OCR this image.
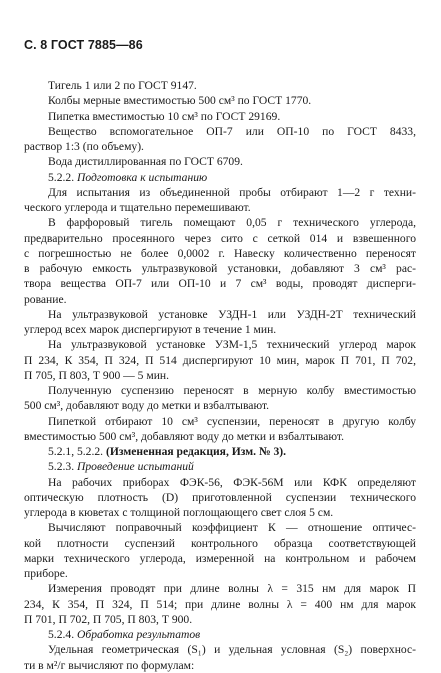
С. 8 ГОСТ 7885—86
Тигель 1 или 2 по ГОСТ 9147.
Колбы мерные вместимостью 500 см³ по ГОСТ 1770.
Пипетка вместимостью 10 см³ по ГОСТ 29169.
Вещество вспомогательное ОП-7 или ОП-10 по ГОСТ 8433,
раствор 1:3 (по объему).
Вода дистиллированная по ГОСТ 6709.
5.2.2. Подготовка к испытанию
Для испытания из объединенной пробы отбирают 1—2 г техни-
ческого углерода и тщательно перемешивают.
В фарфоровый тигель помещают 0,05 г технического углерода,
предварительно просеянного через сито с сеткой 014 и взвешенного
с погрешностью не более 0,0002 г. Навеску количественно переносят
в рабочую емкость ультразвуковой установки, добавляют 3 см³ рас-
твора вещества ОП-7 или ОП-10 и 7 см³ воды, проводят дисперги-
рование.
На ультразвуковой установке УЗДН-1 или УЗДН-2Т технический
углерод всех марок диспергируют в течение 1 мин.
На ультразвуковой установке УЗМ-1,5 технический углерод марок
П 234, К 354, П 324, П 514 диспергируют 10 мин, марок П 701, П 702,
П 705, П 803, Т 900 — 5 мин.
Полученную суспензию переносят в мерную колбу вместимостью
500 см³, добавляют воду до метки и взбалтывают.
Пипеткой отбирают 10 см³ суспензии, переносят в другую колбу
вместимостью 500 см³, добавляют воду до метки и взбалтывают.
5.2.1, 5.2.2. (Измененная редакция, Изм. № 3).
5.2.3. Проведение испытаний
На рабочих приборах ФЭК-56, ФЭК-56М или КФК определяют
оптическую плотность (D) приготовленной суспензии технического
углерода в кюветах с толщиной поглощающего свет слоя 5 см.
Вычисляют поправочный коэффициент К — отношение оптичес-
кой плотности суспензий контрольного образца соответствующей
марки технического углерода, измеренной на контрольном и рабочем
приборе.
Измерения проводят при длине волны λ = 315 нм для марок П
234, К 354, П 324, П 514; при длине волны λ = 400 нм для марок
П 701, П 702, П 705, П 803, Т 900.
5.2.4. Обработка результатов
Удельная геометрическая (S₁) и удельная условная (S₂) поверхнос-
ти в м²/г вычисляют по формулам:
